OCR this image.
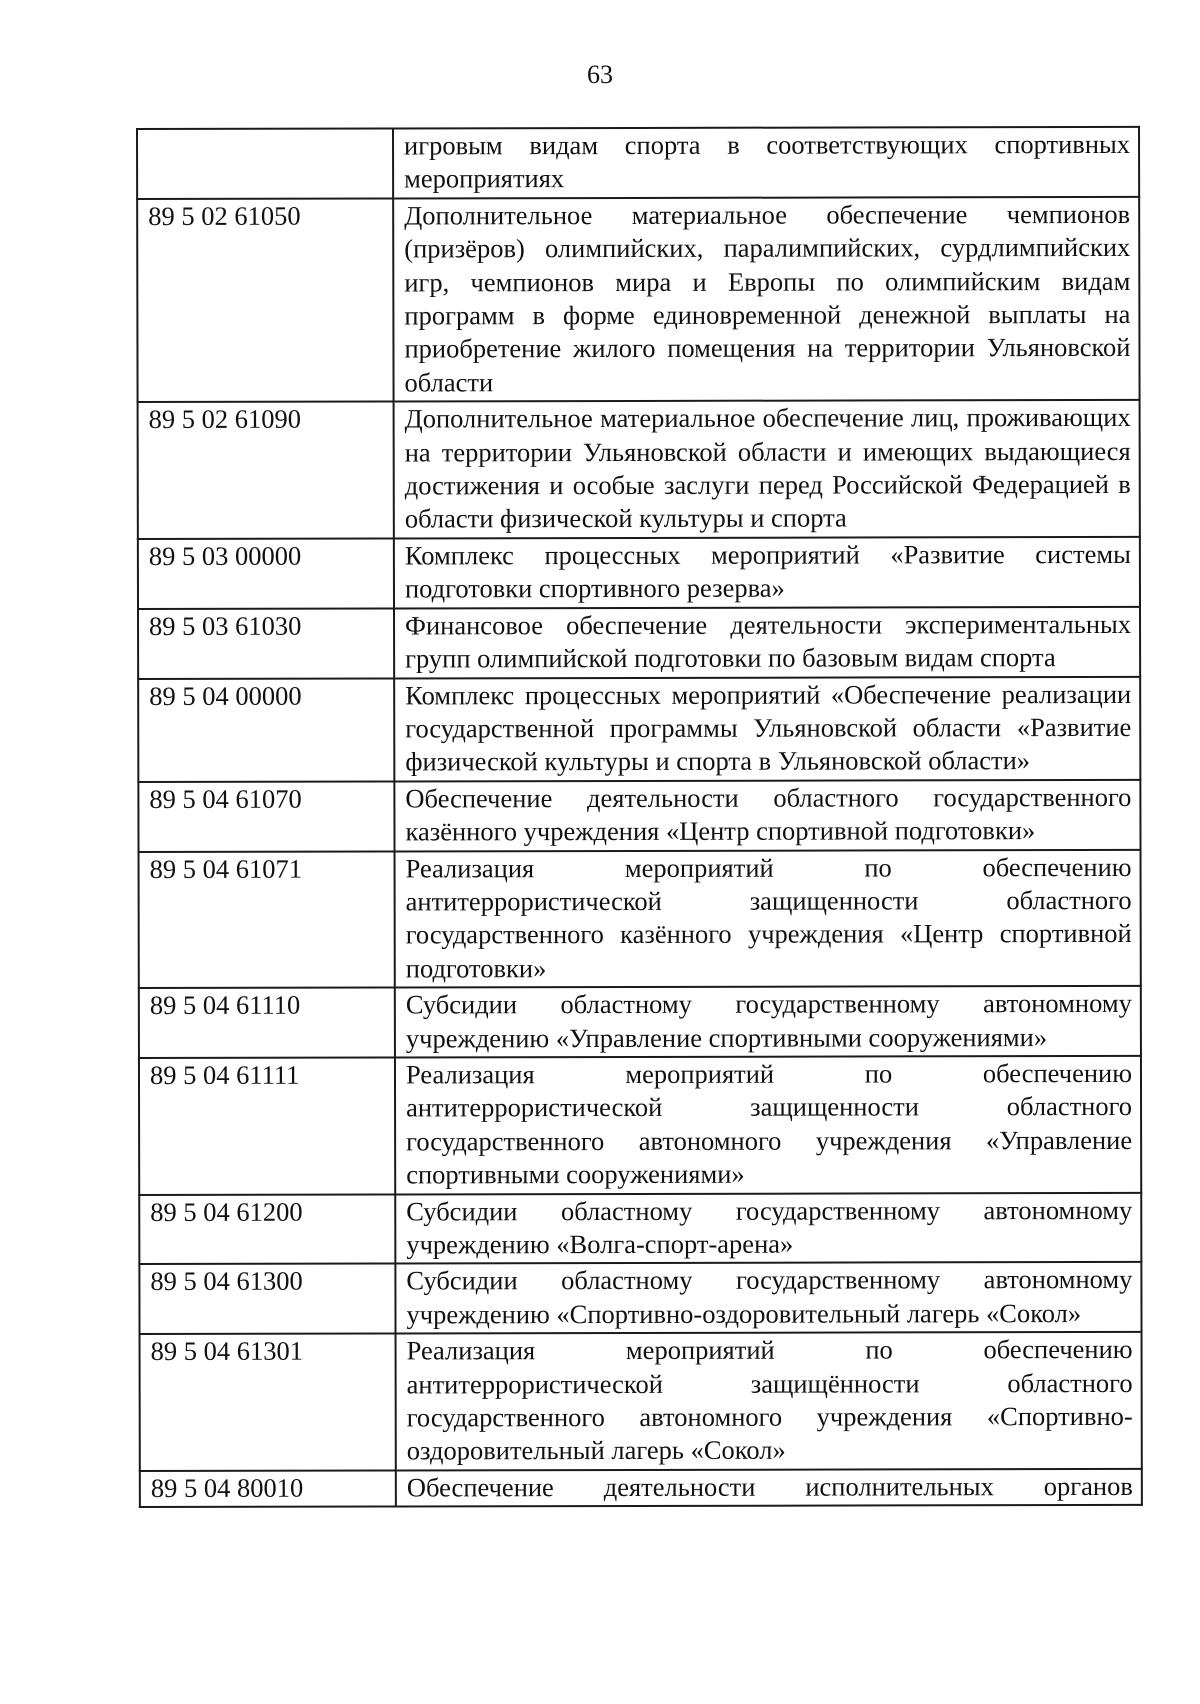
63
	игровым видам спорта в соответствующих спортивных мероприятиях
89 5 02 61050	Дополнительное материальное обеспечение чемпионов (призёров) олимпийских, паралимпийских, сурдлимпийских игр, чемпионов мира и Европы по олимпийским видам программ в форме единовременной денежной выплаты на приобретение жилого помещения на территории Ульяновской области
89 5 02 61090	Дополнительное материальное обеспечение лиц, проживающих на территории Ульяновской области и имеющих выдающиеся достижения и особые заслуги перед Российской Федерацией в области физической культуры и спорта
89 5 03 00000	Комплекс процессных мероприятий «Развитие системы подготовки спортивного резерва»
89 5 03 61030	Финансовое обеспечение деятельности экспериментальных групп олимпийской подготовки по базовым видам спорта
89 5 04 00000	Комплекс процессных мероприятий «Обеспечение реализации государственной программы Ульяновской области «Развитие физической культуры и спорта в Ульяновской области»
89 5 04 61070	Обеспечение деятельности областного государственного казённого учреждения «Центр спортивной подготовки»
89 5 04 61071	Реализация мероприятий по обеспечению антитеррористической защищенности областного государственного казённого учреждения «Центр спортивной подготовки»
89 5 04 61110	Субсидии областному государственному автономному учреждению «Управление спортивными сооружениями»
89 5 04 61111	Реализация мероприятий по обеспечению антитеррористической защищенности областного государственного автономного учреждения «Управление спортивными сооружениями»
89 5 04 61200	Субсидии областному государственному автономному учреждению «Волга-спорт-арена»
89 5 04 61300	Субсидии областному государственному автономному учреждению «Спортивно-оздоровительный лагерь «Сокол»
89 5 04 61301	Реализация мероприятий по обеспечению антитеррористической защищённости областного государственного автономного учреждения «Спортивно-оздоровительный лагерь «Сокол»
89 5 04 80010	Обеспечение деятельности исполнительных органов
